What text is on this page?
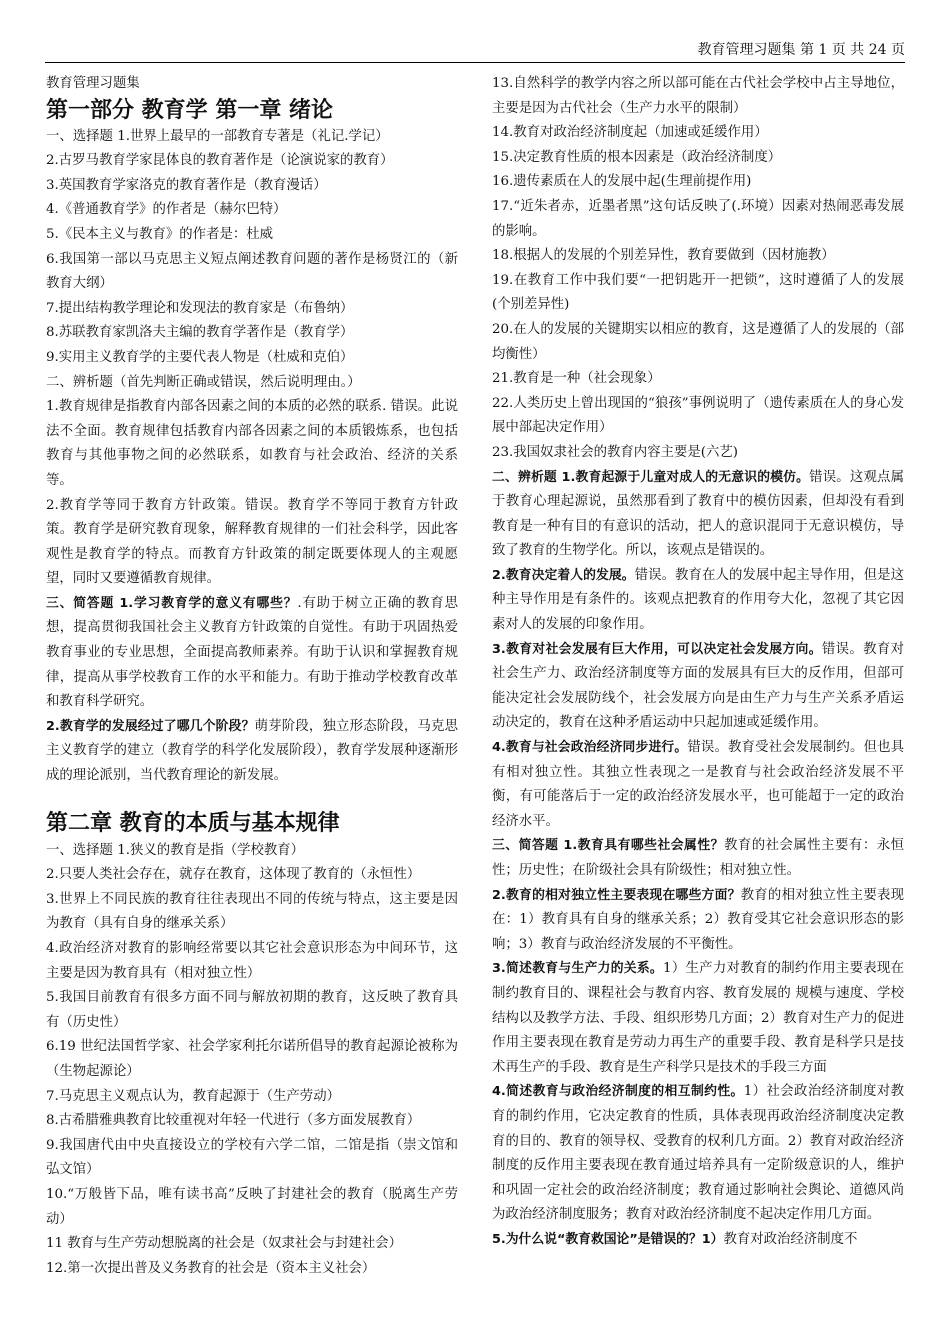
教育管理习题集 第 1 页 共 24 页

教育管理习题集

第一部分 教育学 第一章 绪论

一、选择题 1.世界上最早的一部教育专著是（礼记.学记）

2.古罗马教育学家昆体良的教育著作是（论演说家的教育）

3.英国教育学家洛克的教育著作是（教育漫话）

4.《普通教育学》的作者是（赫尔巴特）

5.《民本主义与教育》的作者是：杜威

6.我国第一部以马克思主义短点阐述教育问题的著作是杨贤江的（新教育大纲）

7.提出结构教学理论和发现法的教育家是（布鲁纳）

8.苏联教育家凯洛夫主编的教育学著作是（教育学）

9.实用主义教育学的主要代表人物是（杜威和克伯）

二、辨析题（首先判断正确或错误，然后说明理由。）

1.教育规律是指教育内部各因素之间的本质的必然的联系. 错误。此说法不全面。教育规律包括教育内部各因素之间的本质锻炼系，也包括教育与其他事物之间的必然联系，如教育与社会政治、经济的关系等。

2.教育学等同于教育方针政策。错误。教育学不等同于教育方针政策。教育学是研究教育现象，解释教育规律的一们社会科学，因此客观性是教育学的特点。而教育方针政策的制定既要体现人的主观愿望，同时又要遵循教育规律。

三、简答题 1.学习教育学的意义有哪些？.有助于树立正确的教育思想，提高贯彻我国社会主义教育方针政策的自觉性。有助于巩固热爱教育事业的专业思想，全面提高教师素养。有助于认识和掌握教育规律，提高从事学校教育工作的水平和能力。有助于推动学校教育改革和教育科学研究。

2.教育学的发展经过了哪几个阶段？萌芽阶段，独立形态阶段，马克思主义教育学的建立（教育学的科学化发展阶段），教育学发展种逐渐形成的理论派别，当代教育理论的新发展。

第二章 教育的本质与基本规律

一、选择题 1.狭义的教育是指（学校教育）

2.只要人类社会存在，就存在教育，这体现了教育的（永恒性）

3.世界上不同民族的教育往往表现出不同的传统与特点，这主要是因为教育（具有自身的继承关系）

4.政治经济对教育的影响经常要以其它社会意识形态为中间环节，这主要是因为教育具有（相对独立性）

5.我国目前教育有很多方面不同与解放初期的教育，这反映了教育具有（历史性）

6.19 世纪法国哲学家、社会学家利托尔诺所倡导的教育起源论被称为（生物起源论）

7.马克思主义观点认为，教育起源于（生产劳动）

8.古希腊雅典教育比较重视对年轻一代进行（多方面发展教育）

9.我国唐代由中央直接设立的学校有六学二馆，二馆是指（崇文馆和弘文馆）

10.“万般皆下品，唯有读书高”反映了封建社会的教育（脱离生产劳动）

11 教育与生产劳动想脱离的社会是（奴隶社会与封建社会）

12.第一次提出普及义务教育的社会是（资本主义社会）

13.自然科学的教学内容之所以部可能在古代社会学校中占主导地位，主要是因为古代社会（生产力水平的限制）

14.教育对政治经济制度起（加速或延缓作用）

15.决定教育性质的根本因素是（政治经济制度）

16.遗传素质在人的发展中起(生理前提作用)

17.“近朱者赤，近墨者黑”这句话反映了(.环境）因素对热闹恶毒发展的影响。

18.根据人的发展的个别差异性，教育要做到（因材施教）

19.在教育工作中我们要“一把钥匙开一把锁”，这时遵循了人的发展(个别差异性)

20.在人的发展的关键期实以相应的教育，这是遵循了人的发展的（部均衡性）

21.教育是一种（社会现象）

22.人类历史上曾出现国的“狼孩”事例说明了（遗传素质在人的身心发展中部起决定作用）

23.我国奴隶社会的教育内容主要是(六艺)

二、辨析题 1.教育起源于儿童对成人的无意识的模仿。错误。这观点属于教育心理起源说，虽然那看到了教育中的模仿因素，但却没有看到教育是一种有目的有意识的活动，把人的意识混同于无意识模仿，导致了教育的生物学化。所以，该观点是错误的。

2.教育决定着人的发展。错误。教育在人的发展中起主导作用，但是这种主导作用是有条件的。该观点把教育的作用夸大化，忽视了其它因素对人的发展的印象作用。

3.教育对社会发展有巨大作用，可以决定社会发展方向。错误。教育对社会生产力、政治经济制度等方面的发展具有巨大的反作用，但部可能决定社会发展防线个，社会发展方向是由生产力与生产关系矛盾运动决定的，教育在这种矛盾运动中只起加速或延缓作用。

4.教育与社会政治经济同步进行。错误。教育受社会发展制约。但也具有相对独立性。其独立性表现之一是教育与社会政治经济发展不平衡，有可能落后于一定的政治经济发展水平，也可能超于一定的政治经济水平。

三、简答题 1.教育具有哪些社会属性？教育的社会属性主要有：永恒性；历史性；在阶级社会具有阶级性；相对独立性。

2.教育的相对独立性主要表现在哪些方面？教育的相对独立性主要表现在：1）教育具有自身的继承关系；2）教育受其它社会意识形态的影响；3）教育与政治经济发展的不平衡性。

3.简述教育与生产力的关系。1）生产力对教育的制约作用主要表现在制约教育目的、课程社会与教育内容、教育发展的 规模与速度、学校结构以及教学方法、手段、组织形势几方面；2）教育对生产力的促进作用主要表现在教育是劳动力再生产的重要手段、教育是科学只是技术再生产的手段、教育是生产科学只是技术的手段三方面

4.简述教育与政治经济制度的相互制约性。1）社会政治经济制度对教育的制约作用，它决定教育的性质，具体表现再政治经济制度决定教育的目的、教育的领导权、受教育的权利几方面。2）教育对政治经济制度的反作用主要表现在教育通过培养具有一定阶级意识的人，维护和巩固一定社会的政治经济制度；教育通过影响社会舆论、道德风尚为政治经济制度服务；教育对政治经济制度不起决定作用几方面。

5.为什么说“教育救国论”是错误的？1）教育对政治经济制度不
